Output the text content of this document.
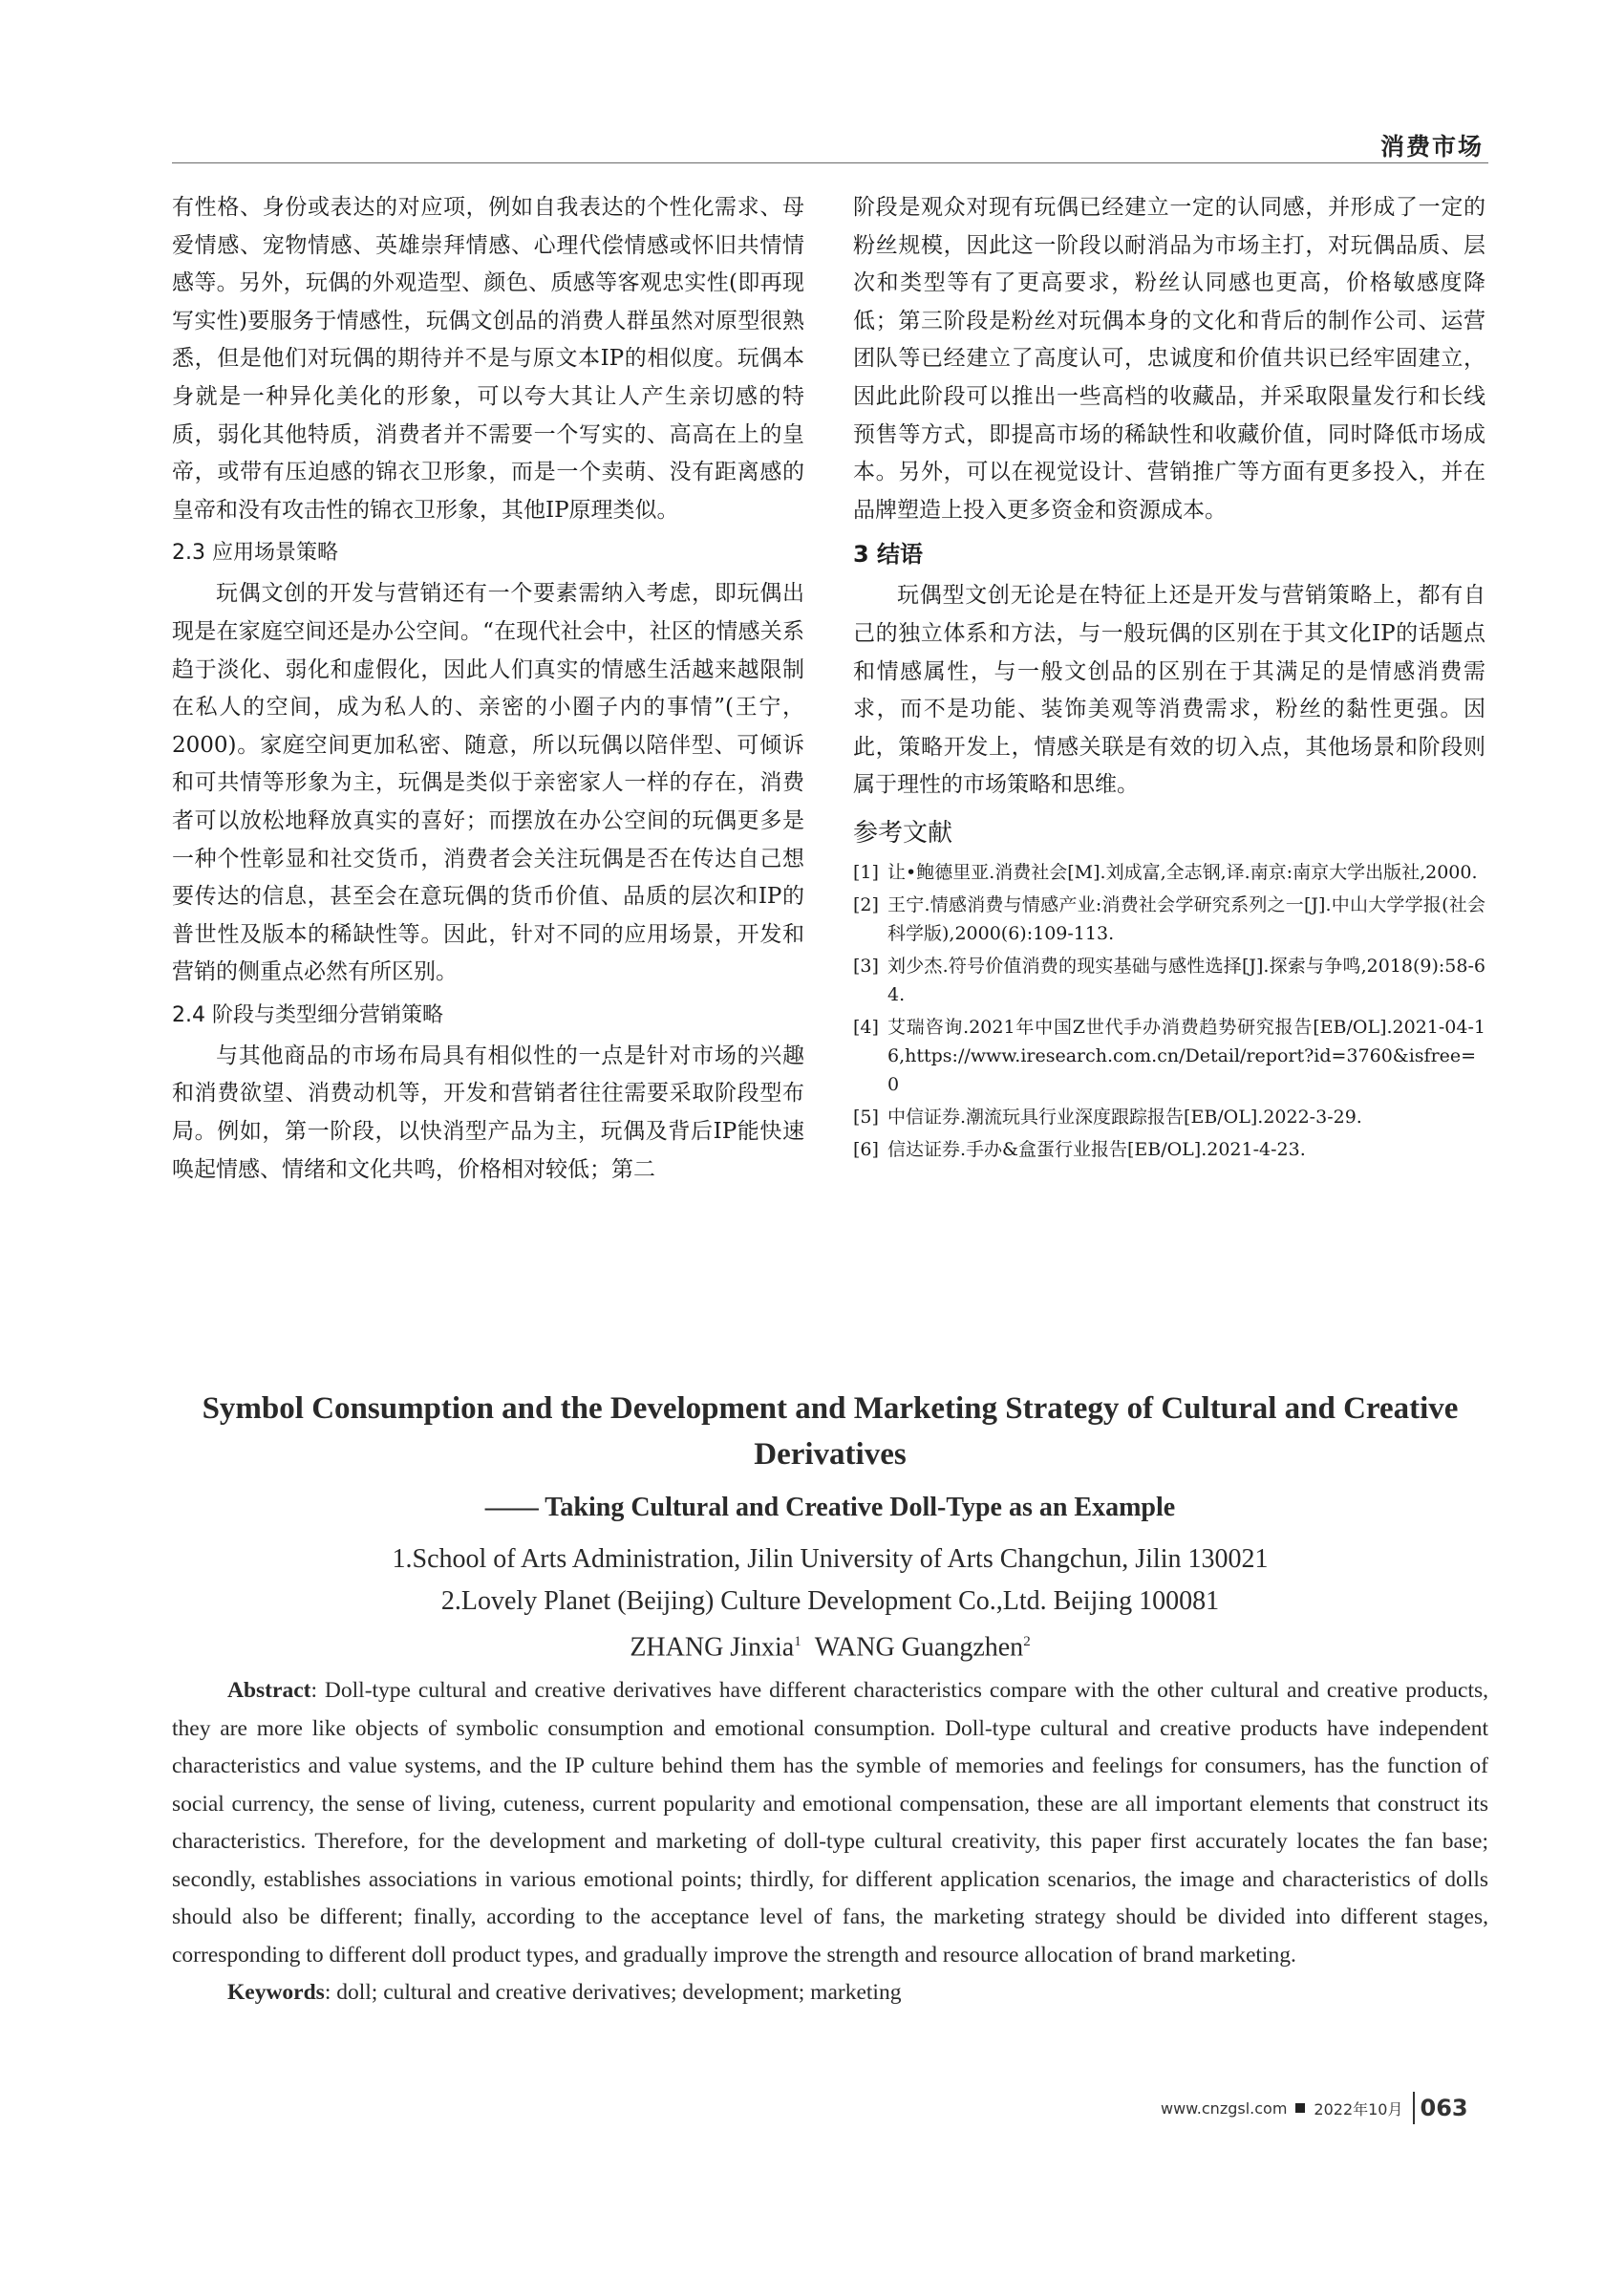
消费市场

有性格、身份或表达的对应项，例如自我表达的个性化需求、母爱情感、宠物情感、英雄崇拜情感、心理代偿情感或怀旧共情情感等。另外，玩偶的外观造型、颜色、质感等客观忠实性(即再现写实性)要服务于情感性，玩偶文创品的消费人群虽然对原型很熟悉，但是他们对玩偶的期待并不是与原文本IP的相似度。玩偶本身就是一种异化美化的形象，可以夸大其让人产生亲切感的特质，弱化其他特质，消费者并不需要一个写实的、高高在上的皇帝，或带有压迫感的锦衣卫形象，而是一个卖萌、没有距离感的皇帝和没有攻击性的锦衣卫形象，其他IP原理类似。

2.3 应用场景策略

玩偶文创的开发与营销还有一个要素需纳入考虑，即玩偶出现是在家庭空间还是办公空间。“在现代社会中，社区的情感关系趋于淡化、弱化和虚假化，因此人们真实的情感生活越来越限制在私人的空间，成为私人的、亲密的小圈子内的事情”(王宁，2000)。家庭空间更加私密、随意，所以玩偶以陪伴型、可倾诉和可共情等形象为主，玩偶是类似于亲密家人一样的存在，消费者可以放松地释放真实的喜好；而摆放在办公空间的玩偶更多是一种个性彰显和社交货币，消费者会关注玩偶是否在传达自己想要传达的信息，甚至会在意玩偶的货币价值、品质的层次和IP的普世性及版本的稀缺性等。因此，针对不同的应用场景，开发和营销的侧重点必然有所区别。

2.4 阶段与类型细分营销策略

与其他商品的市场布局具有相似性的一点是针对市场的兴趣和消费欲望、消费动机等，开发和营销者往往需要采取阶段型布局。例如，第一阶段，以快消型产品为主，玩偶及背后IP能快速唤起情感、情绪和文化共鸣，价格相对较低；第二

阶段是观众对现有玩偶已经建立一定的认同感，并形成了一定的粉丝规模，因此这一阶段以耐消品为市场主打，对玩偶品质、层次和类型等有了更高要求，粉丝认同感也更高，价格敏感度降低；第三阶段是粉丝对玩偶本身的文化和背后的制作公司、运营团队等已经建立了高度认可，忠诚度和价值共识已经牢固建立，因此此阶段可以推出一些高档的收藏品，并采取限量发行和长线预售等方式，即提高市场的稀缺性和收藏价值，同时降低市场成本。另外，可以在视觉设计、营销推广等方面有更多投入，并在品牌塑造上投入更多资金和资源成本。

3 结语

玩偶型文创无论是在特征上还是开发与营销策略上，都有自己的独立体系和方法，与一般玩偶的区别在于其文化IP的话题点和情感属性，与一般文创品的区别在于其满足的是情感消费需求，而不是功能、装饰美观等消费需求，粉丝的黏性更强。因此，策略开发上，情感关联是有效的切入点，其他场景和阶段则属于理性的市场策略和思维。

参考文献
[1] 让•鲍德里亚.消费社会[M].刘成富,全志钢,译.南京:南京大学出版社,2000.
[2] 王宁.情感消费与情感产业:消费社会学研究系列之一[J].中山大学学报(社会科学版),2000(6):109-113.
[3] 刘少杰.符号价值消费的现实基础与感性选择[J].探索与争鸣,2018(9):58-64.
[4] 艾瑞咨询.2021年中国Z世代手办消费趋势研究报告[EB/OL].2021-04-16,https://www.iresearch.com.cn/Detail/report?id=3760&isfree=0
[5] 中信证券.潮流玩具行业深度跟踪报告[EB/OL].2022-3-29.
[6] 信达证券.手办&盒蛋行业报告[EB/OL].2021-4-23.

Symbol Consumption and the Development and Marketing Strategy of Cultural and Creative Derivatives

—— Taking Cultural and Creative Doll-Type as an Example

1.School of Arts Administration, Jilin University of Arts Changchun, Jilin 130021

2.Lovely Planet (Beijing) Culture Development Co.,Ltd. Beijing 100081

ZHANG Jinxia$^1$ WANG Guangzhen$^2$

Abstract: Doll-type cultural and creative derivatives have different characteristics compare with the other cultural and creative products, they are more like objects of symbolic consumption and emotional consumption. Doll-type cultural and creative products have independent characteristics and value systems, and the IP culture behind them has the symble of memories and feelings for consumers, has the function of social currency, the sense of living, cuteness, current popularity and emotional compensation, these are all important elements that construct its characteristics. Therefore, for the development and marketing of doll-type cultural creativity, this paper first accurately locates the fan base; secondly, establishes associations in various emotional points; thirdly, for different application scenarios, the image and characteristics of dolls should also be different; finally, according to the acceptance level of fans, the marketing strategy should be divided into different stages, corresponding to different doll product types, and gradually improve the strength and resource allocation of brand marketing.

Keywords: doll; cultural and creative derivatives; development; marketing

www.cnzgsl.com 2022年10月 063
